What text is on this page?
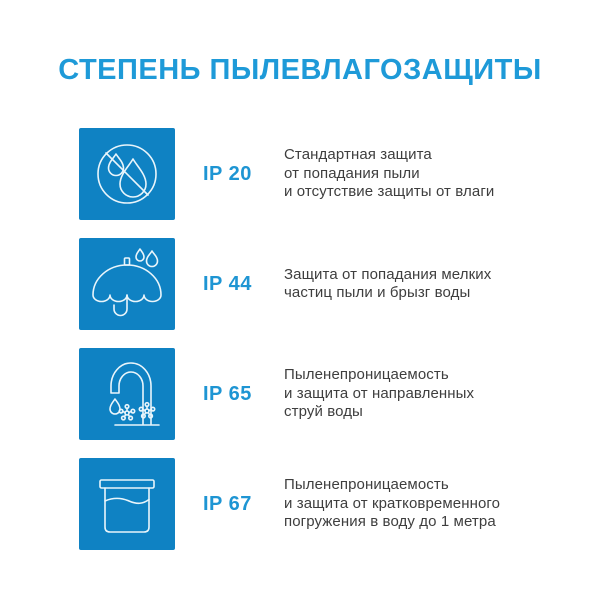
СТЕПЕНЬ ПЫЛЕВЛАГОЗАЩИТЫ
IP 20
Стандартная защита
от попадания пыли
и отсутствие защиты от влаги
IP 44	Защита от попадания мелких
частиц пыли и брызг воды
IP 65
Пыленепроницаемость
и защита от направленных
струй воды
IP 67
Пыленепроницаемость
и защита от кратковременного
погружения в воду до 1 метра
